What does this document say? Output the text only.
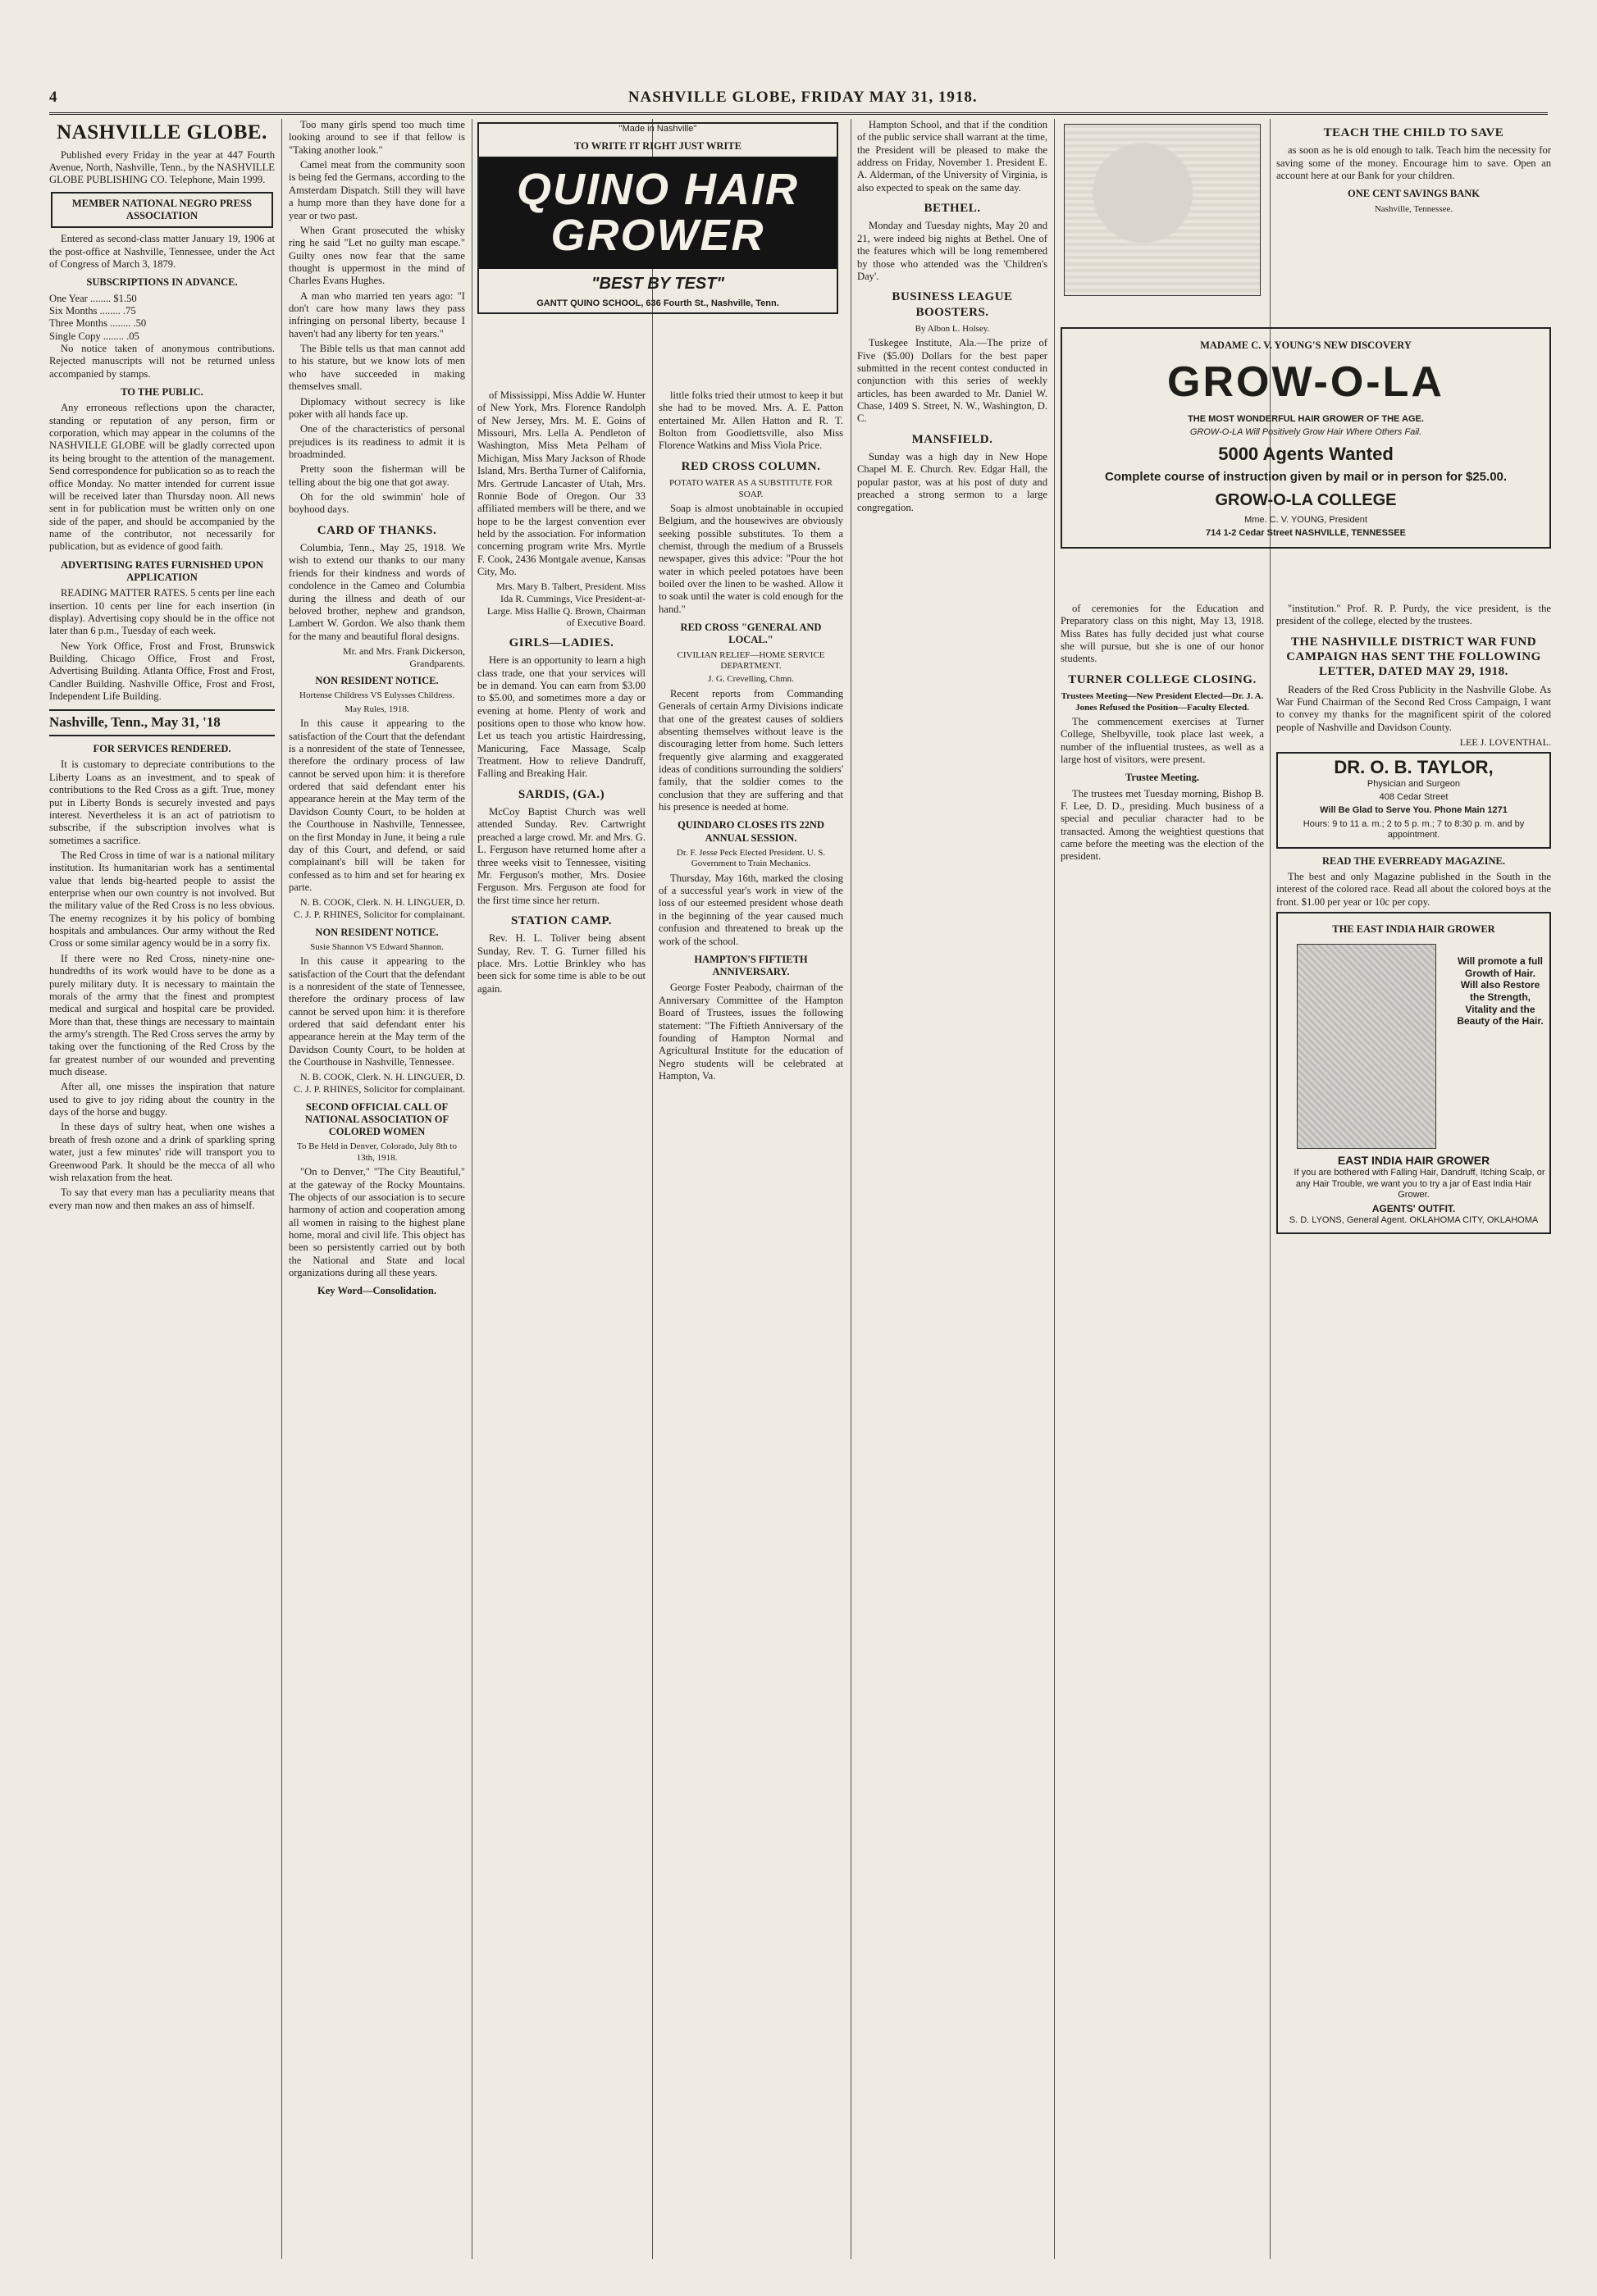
4	NASHVILLE GLOBE, FRIDAY MAY 31, 1918.
NASHVILLE GLOBE.

Published every Friday in the year at 447 Fourth Avenue, North, Nashville, Tenn., by the NASHVILLE GLOBE PUBLISHING CO. Telephone, Main 1999.

MEMBER NATIONAL NEGRO PRESS ASSOCIATION

Entered as second-class matter January 19, 1906 at the post-office at Nashville, Tennessee, under the Act of Congress of March 3, 1879.

SUBSCRIPTIONS IN ADVANCE.
One Year ........ $1.50
Six Months ........ .75
Three Months ........ .50
Single Copy ........ .05

No notice taken of anonymous contributions. Rejected manuscripts will not be returned unless accompanied by stamps.

TO THE PUBLIC.

Any erroneous reflections upon the character, standing or reputation of any person, firm or corporation, which may appear in the columns of the NASHVILLE GLOBE will be gladly corrected upon its being brought to the attention of the management. Send correspondence for publication so as to reach the office Monday. No matter intended for current issue will be received later than Thursday noon. All news sent in for publication must be written only on one side of the paper, and should be accompanied by the name of the contributor, not necessarily for publication, but as evidence of good faith.

ADVERTISING RATES FURNISHED UPON APPLICATION

READING MATTER RATES. 5 cents per line each insertion. 10 cents per line for each insertion (in display). Advertising copy should be in the office not later than 6 p.m., Tuesday of each week.

New York Office, Frost and Frost, Brunswick Building. Chicago Office, Frost and Frost, Advertising Building. Atlanta Office, Frost and Frost, Candler Building. Nashville Office, Frost and Frost, Independent Life Building.

Nashville, Tenn., May 31, '18
FOR SERVICES RENDERED.

It is customary to depreciate contributions to the Liberty Loans as an investment, and to speak of contributions to the Red Cross as a gift. True, money put in Liberty Bonds is securely invested and pays interest. Nevertheless it is an act of patriotism to subscribe, if the subscription involves what is sometimes a sacrifice.

The Red Cross in time of war is a national military institution. Its humanitarian work has a sentimental value that lends big-hearted people to assist the enterprise when our own country is not involved. But the military value of the Red Cross is no less obvious. The enemy recognizes it by his policy of bombing hospitals and ambulances. Our army without the Red Cross or some similar agency would be in a sorry fix.

If there were no Red Cross, ninety-nine one-hundredths of its work would have to be done as a purely military duty. It is necessary to maintain the morals of the army that the finest and promptest medical and surgical and hospital care be provided. More than that, these things are necessary to maintain the army's strength. The Red Cross serves the army by taking over the functioning of the Red Cross by the far greatest number of our wounded and preventing much disease.

After all, one misses the inspiration that nature used to give to joy riding about the country in the days of the horse and buggy.

In these days of sultry heat, when one wishes a breath of fresh ozone and a drink of sparkling spring water, just a few minutes' ride will transport you to Greenwood Park. It should be the mecca of all who wish relaxation from the heat.

To say that every man has a peculiarity means that every man now and then makes an ass of himself.

Too many girls spend too much time looking around to see if that fellow is "Taking another look."

Camel meat from the community soon is being fed the Germans, according to the Amsterdam Dispatch. Still they will have a hump more than they have done for a year or two past.

When Grant prosecuted the whisky ring he said "Let no guilty man escape." Guilty ones now fear that the same thought is uppermost in the mind of Charles Evans Hughes.

A man who married ten years ago: "I don't care how many laws they pass infringing on personal liberty, because I haven't had any liberty for ten years."

The Bible tells us that man cannot add to his stature, but we know lots of men who have succeeded in making themselves small.

Diplomacy without secrecy is like poker with all hands face up.

One of the characteristics of personal prejudices is its readiness to admit it is broadminded.

Pretty soon the fisherman will be telling about the big one that got away.

Oh for the old swimmin' hole of boyhood days.

CARD OF THANKS.

Columbia, Tenn., May 25, 1918. We wish to extend our thanks to our many friends for their kindness and words of condolence in the Cameo and Columbia during the illness and death of our beloved brother, nephew and grandson, Lambert W. Gordon. We also thank them for the many and beautiful floral designs.

Mr. and Mrs. Frank Dickerson, Grandparents.

NON RESIDENT NOTICE.
Hortense Childress VS Eulysses Childress.
May Rules, 1918.

In this cause it appearing to the satisfaction of the Court that the defendant is a nonresident of the state of Tennessee, therefore the ordinary process of law cannot be served upon him: it is therefore ordered that said defendant enter his appearance herein at the May term of the Davidson County Court, to be holden at the Courthouse in Nashville, Tennessee, on the first Monday in June, it being a rule day of this Court, and defend, or said complainant's bill will be taken for confessed as to him and set for hearing ex parte.

N. B. COOK, Clerk. N. H. LINGUER, D. C. J. P. RHINES, Solicitor for complainant.

NON RESIDENT NOTICE.
Susie Shannon VS Edward Shannon.

In this cause it appearing to the satisfaction of the Court that the defendant is a nonresident of the state of Tennessee, therefore the ordinary process of law cannot be served upon him: it is therefore ordered that said defendant enter his appearance herein at the May term of the Davidson County Court, to be holden at the Courthouse in Nashville, Tennessee.

N. B. COOK, Clerk. N. H. LINGUER, D. C. J. P. RHINES, Solicitor for complainant.

SECOND OFFICIAL CALL OF NATIONAL ASSOCIATION OF COLORED WOMEN
To Be Held in Denver, Colorado, July 8th to 13th, 1918.

"On to Denver," "The City Beautiful," at the gateway of the Rocky Mountains. The objects of our association is to secure harmony of action and cooperation among all women in raising to the highest plane home, moral and civil life. This object has been so persistently carried out by both the National and State and local organizations during all these years.

Key Word—Consolidation.
"Made in Nashville"
TO WRITE IT RIGHT JUST WRITE
QUINO HAIR GROWER
"BEST BY TEST"
GANTT QUINO SCHOOL, 636 Fourth St., Nashville, Tenn.

of Mississippi, Miss Addie W. Hunter of New York, Mrs. Florence Randolph of New Jersey, Mrs. M. E. Goins of Missouri, Mrs. Lella A. Pendleton of Washington, Miss Meta Pelham of Michigan, Miss Mary Jackson of Rhode Island, Mrs. Bertha Turner of California, Mrs. Gertrude Lancaster of Utah, Mrs. Ronnie Bode of Oregon. Our 33 affiliated members will be there, and we hope to be the largest convention ever held by the association. For information concerning program write Mrs. Myrtle F. Cook, 2436 Montgale avenue, Kansas City, Mo.

Mrs. Mary B. Talbert, President. Miss Ida R. Cummings, Vice President-at-Large. Miss Hallie Q. Brown, Chairman of Executive Board.

GIRLS—LADIES.

Here is an opportunity to learn a high class trade, one that your services will be in demand. You can earn from $3.00 to $5.00, and sometimes more a day or evening at home. Plenty of work and positions open to those who know how. Let us teach you artistic Hairdressing, Manicuring, Face Massage, Scalp Treatment. How to relieve Dandruff, Falling and Breaking Hair.

SARDIS, (GA.)

McCoy Baptist Church was well attended Sunday. Rev. Cartwright preached a large crowd. Mr. and Mrs. G. L. Ferguson have returned home after a three weeks visit to Tennessee, visiting Mr. Ferguson's mother, Mrs. Dosiee Ferguson. Mrs. Ferguson ate food for the first time since her return.

STATION CAMP.

Rev. H. L. Toliver being absent Sunday, Rev. T. G. Turner filled his place. Mrs. Lottie Brinkley who has been sick for some time is able to be out again.

little folks tried their utmost to keep it but she had to be moved. Mrs. A. E. Patton entertained Mr. Allen Hatton and R. T. Bolton from Goodlettsville, also Miss Florence Watkins and Miss Viola Price.

RED CROSS COLUMN.
POTATO WATER AS A SUBSTITUTE FOR SOAP.

Soap is almost unobtainable in occupied Belgium, and the housewives are obviously seeking possible substitutes. To them a chemist, through the medium of a Brussels newspaper, gives this advice: "Pour the hot water in which peeled potatoes have been boiled over the linen to be washed. Allow it to soak until the water is cold enough for the hand."

RED CROSS "GENERAL AND LOCAL."
CIVILIAN RELIEF—HOME SERVICE DEPARTMENT.
J. G. Crevelling, Chmn.

Recent reports from Commanding Generals of certain Army Divisions indicate that one of the greatest causes of soldiers absenting themselves without leave is the discouraging letter from home. Such letters frequently give alarming and exaggerated ideas of conditions surrounding the soldiers' family, that the soldier comes to the conclusion that they are suffering and that his presence is needed at home.

QUINDARO CLOSES ITS 22ND ANNUAL SESSION.
Dr. F. Jesse Peck Elected President. U. S. Government to Train Mechanics.

Thursday, May 16th, marked the closing of a successful year's work in view of the loss of our esteemed president whose death in the beginning of the year caused much confusion and threatened to break up the work of the school.

HAMPTON'S FIFTIETH ANNIVERSARY.

George Foster Peabody, chairman of the Anniversary Committee of the Hampton Board of Trustees, issues the following statement: "The Fiftieth Anniversary of the founding of Hampton Normal and Agricultural Institute for the education of Negro students will be celebrated at Hampton, Va.

Hampton School, and that if the condition of the public service shall warrant at the time, the President will be pleased to make the address on Friday, November 1. President E. A. Alderman, of the University of Virginia, is also expected to speak on the same day.

BETHEL.

Monday and Tuesday nights, May 20 and 21, were indeed big nights at Bethel. One of the features which will be long remembered by those who attended was the 'Children's Day'.

BUSINESS LEAGUE BOOSTERS.
By Albon L. Holsey.

Tuskegee Institute, Ala.—The prize of Five ($5.00) Dollars for the best paper submitted in the recent contest conducted in conjunction with this series of weekly articles, has been awarded to Mr. Daniel W. Chase, 1409 S. Street, N. W., Washington, D. C.

MANSFIELD.

Sunday was a high day in New Hope Chapel M. E. Church. Rev. Edgar Hall, the popular pastor, was at his post of duty and preached a strong sermon to a large congregation.

of ceremonies for the Education and Preparatory class on this night, May 13, 1918. Miss Bates has fully decided just what course she will pursue, but she is one of our honor students.

TURNER COLLEGE CLOSING.
Trustees Meeting—New President Elected—Dr. J. A. Jones Refused the Position—Faculty Elected.

The commencement exercises at Turner College, Shelbyville, took place last week, a number of the influential trustees, as well as a large host of visitors, were present.

Trustee Meeting.

The trustees met Tuesday morning, Bishop B. F. Lee, D. D., presiding. Much business of a special and peculiar character had to be transacted. Among the weightiest questions that came before the meeting was the election of the president.

TEACH THE CHILD TO SAVE

as soon as he is old enough to talk. Teach him the necessity for saving some of the money. Encourage him to save. Open an account here at our Bank for your children.

ONE CENT SAVINGS BANK
Nashville, Tennessee.
MADAME C. V. YOUNG'S NEW DISCOVERY
GROW-O-LA
THE MOST WONDERFUL HAIR GROWER OF THE AGE.
GROW-O-LA Will Positively Grow Hair Where Others Fail.
5000 Agents Wanted
Complete course of instruction given by mail or in person for $25.00.
GROW-O-LA COLLEGE
Mme. C. V. YOUNG, President
714 1-2 Cedar Street NASHVILLE, TENNESSEE

"institution." Prof. R. P. Purdy, the vice president, is the president of the college, elected by the trustees.

THE NASHVILLE DISTRICT WAR FUND CAMPAIGN HAS SENT THE FOLLOWING LETTER, DATED MAY 29, 1918.

Readers of the Red Cross Publicity in the Nashville Globe. As War Fund Chairman of the Second Red Cross Campaign, I want to convey my thanks for the magnificent spirit of the colored people of Nashville and Davidson County.

LEE J. LOVENTHAL.

DR. O. B. TAYLOR,
Physician and Surgeon
408 Cedar Street
Will Be Glad to Serve You. Phone Main 1271
Hours: 9 to 11 a. m.; 2 to 5 p. m.; 7 to 8:30 p. m. and by appointment.
READ THE EVERREADY MAGAZINE.

The best and only Magazine published in the South in the interest of the colored race. Read all about the colored boys at the front. $1.00 per year or 10c per copy.

THE EAST INDIA HAIR GROWER
Will promote a full Growth of Hair. Will also Restore the Strength, Vitality and the Beauty of the Hair.
EAST INDIA HAIR GROWER

If you are bothered with Falling Hair, Dandruff, Itching Scalp, or any Hair Trouble, we want you to try a jar of East India Hair Grower.

AGENTS' OUTFIT.
S. D. LYONS, General Agent. OKLAHOMA CITY, OKLAHOMA
